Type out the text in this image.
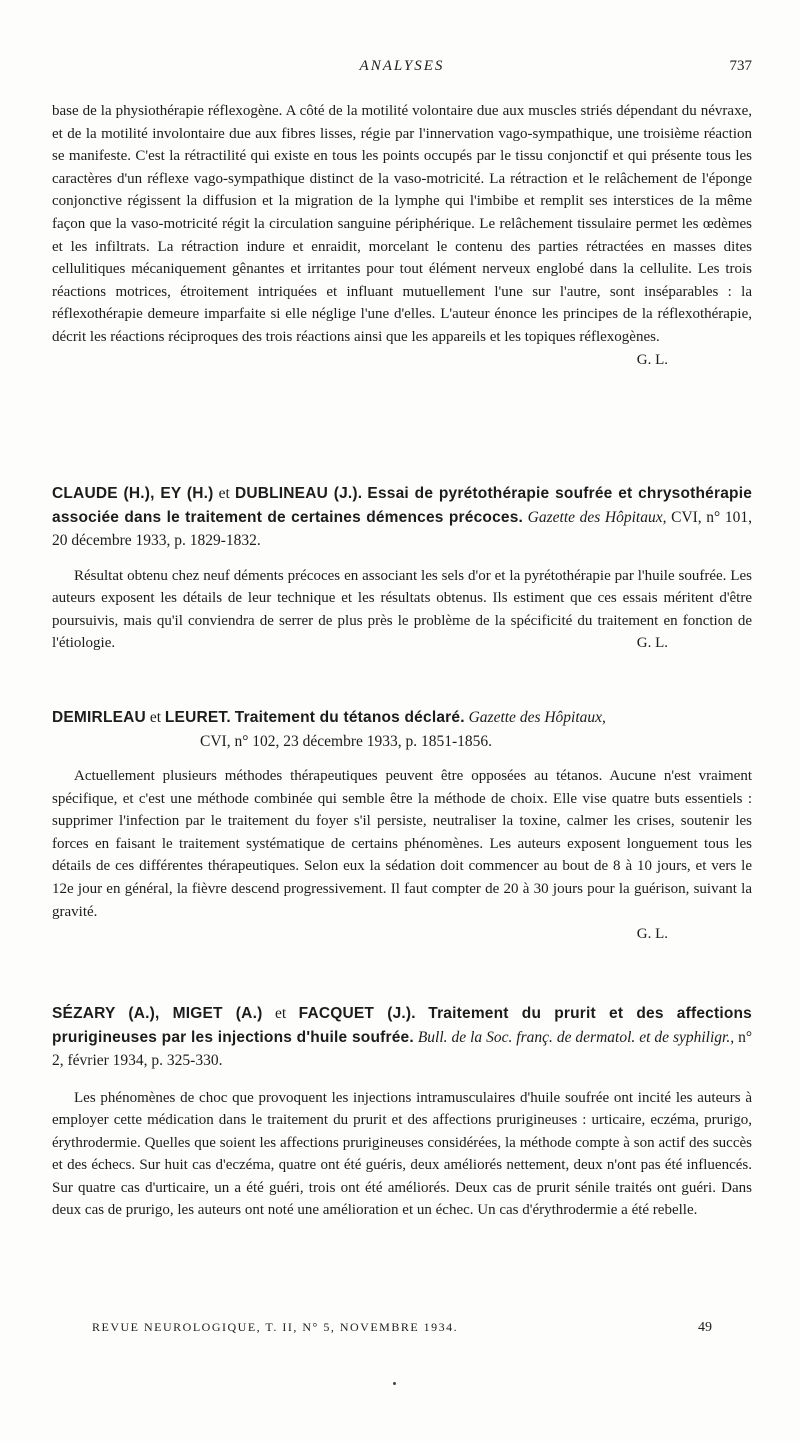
ANALYSES	737

base de la physiothérapie réflexogène. A côté de la motilité volontaire due aux muscles striés dépendant du névraxe, et de la motilité involontaire due aux fibres lisses, régie par l'innervation vago-sympathique, une troisième réaction se manifeste. C'est la rétractilité qui existe en tous les points occupés par le tissu conjonctif et qui présente tous les caractères d'un réflexe vago-sympathique distinct de la vaso-motricité. La rétraction et le relâchement de l'éponge conjonctive régissent la diffusion et la migration de la lymphe qui l'imbibe et remplit ses interstices de la même façon que la vaso-motricité régit la circulation sanguine périphérique. Le relâchement tissulaire permet les œdèmes et les infiltrats. La rétraction indure et enraidit, morcelant le contenu des parties rétractées en masses dites cellulitiques mécaniquement gênantes et irritantes pour tout élément nerveux englobé dans la cellulite. Les trois réactions motrices, étroitement intriquées et influant mutuellement l'une sur l'autre, sont inséparables : la réflexothérapie demeure imparfaite si elle néglige l'une d'elles. L'auteur énonce les principes de la réflexothérapie, décrit les réactions réciproques des trois réactions ainsi que les appareils et les topiques réflexogènes.
G. L.

CLAUDE (H.), EY (H.) et DUBLINEAU (J.). Essai de pyrétothérapie soufrée et chrysothérapie associée dans le traitement de certaines démences précoces. Gazette des Hôpitaux, CVI, n° 101, 20 décembre 1933, p. 1829-1832.

Résultat obtenu chez neuf déments précoces en associant les sels d'or et la pyrétothérapie par l'huile soufrée. Les auteurs exposent les détails de leur technique et les résultats obtenus. Ils estiment que ces essais méritent d'être poursuivis, mais qu'il conviendra de serrer de plus près le problème de la spécificité du traitement en fonction de l'étiologie.	G. L.

DEMIRLEAU et LEURET. Traitement du tétanos déclaré. Gazette des Hôpitaux,
CVI, n° 102, 23 décembre 1933, p. 1851-1856.

Actuellement plusieurs méthodes thérapeutiques peuvent être opposées au tétanos. Aucune n'est vraiment spécifique, et c'est une méthode combinée qui semble être la méthode de choix. Elle vise quatre buts essentiels : supprimer l'infection par le traitement du foyer s'il persiste, neutraliser la toxine, calmer les crises, soutenir les forces en faisant le traitement systématique de certains phénomènes. Les auteurs exposent longuement tous les détails de ces différentes thérapeutiques. Selon eux la sédation doit commencer au bout de 8 à 10 jours, et vers le 12e jour en général, la fièvre descend progressivement. Il faut compter de 20 à 30 jours pour la guérison, suivant la gravité.

G. L.
SÉZARY (A.), MIGET (A.) et FACQUET (J.). Traitement du prurit et des affections prurigineuses par les injections d'huile soufrée. Bull. de la Soc. franç. de dermatol. et de syphiligr., n° 2, février 1934, p. 325-330.

Les phénomènes de choc que provoquent les injections intramusculaires d'huile soufrée ont incité les auteurs à employer cette médication dans le traitement du prurit et des affections prurigineuses : urticaire, eczéma, prurigo, érythrodermie. Quelles que soient les affections prurigineuses considérées, la méthode compte à son actif des succès et des échecs. Sur huit cas d'eczéma, quatre ont été guéris, deux améliorés nettement, deux n'ont pas été influencés. Sur quatre cas d'urticaire, un a été guéri, trois ont été améliorés. Deux cas de prurit sénile traités ont guéri. Dans deux cas de prurigo, les auteurs ont noté une amélioration et un échec. Un cas d'érythrodermie a été rebelle.

REVUE NEUROLOGIQUE, T. II, N° 5, NOVEMBRE 1934.	49
